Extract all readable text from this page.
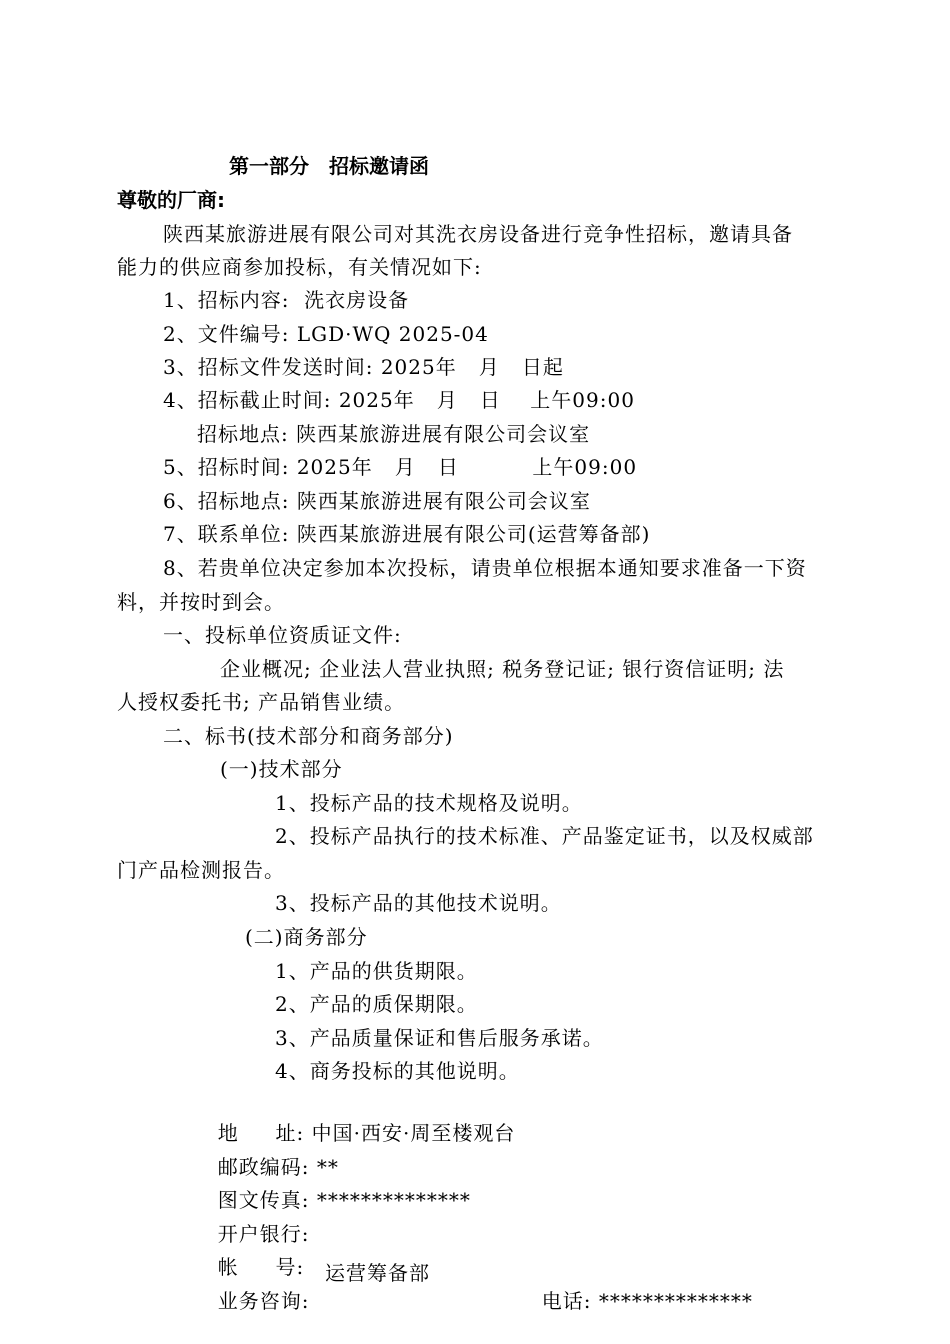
第一部分　招标邀请函
尊敬的厂商:
陕西某旅游进展有限公司对其洗衣房设备进行竞争性招标，邀请具备
能力的供应商参加投标，有关情况如下:
1、招标内容:  洗衣房设备
2、文件编号: LGD·WQ 2025-04
3、招标文件发送时间: 2025年   月   日起
4、招标截止时间: 2025年   月   日    上午09:00
招标地点: 陕西某旅游进展有限公司会议室
5、招标时间: 2025年   月   日          上午09:00
6、招标地点: 陕西某旅游进展有限公司会议室
7、联系单位: 陕西某旅游进展有限公司(运营筹备部)
8、若贵单位决定参加本次投标，请贵单位根据本通知要求准备一下资
料，并按时到会。
一、投标单位资质证文件:
企业概况; 企业法人营业执照; 税务登记证; 银行资信证明; 法
人授权委托书; 产品销售业绩。
二、标书(技术部分和商务部分)
(一)技术部分
1、投标产品的技术规格及说明。
2、投标产品执行的技术标准、产品鉴定证书，以及权威部
门产品检测报告。
3、投标产品的其他技术说明。
(二)商务部分
1、产品的供货期限。
2、产品的质保期限。
3、产品质量保证和售后服务承诺。
4、商务投标的其他说明。

地     址: 中国·西安·周至楼观台

邮政编码: **

图文传真: **************

开户银行:

帐     号:

业务咨询:

运营筹备部

电话: **************
